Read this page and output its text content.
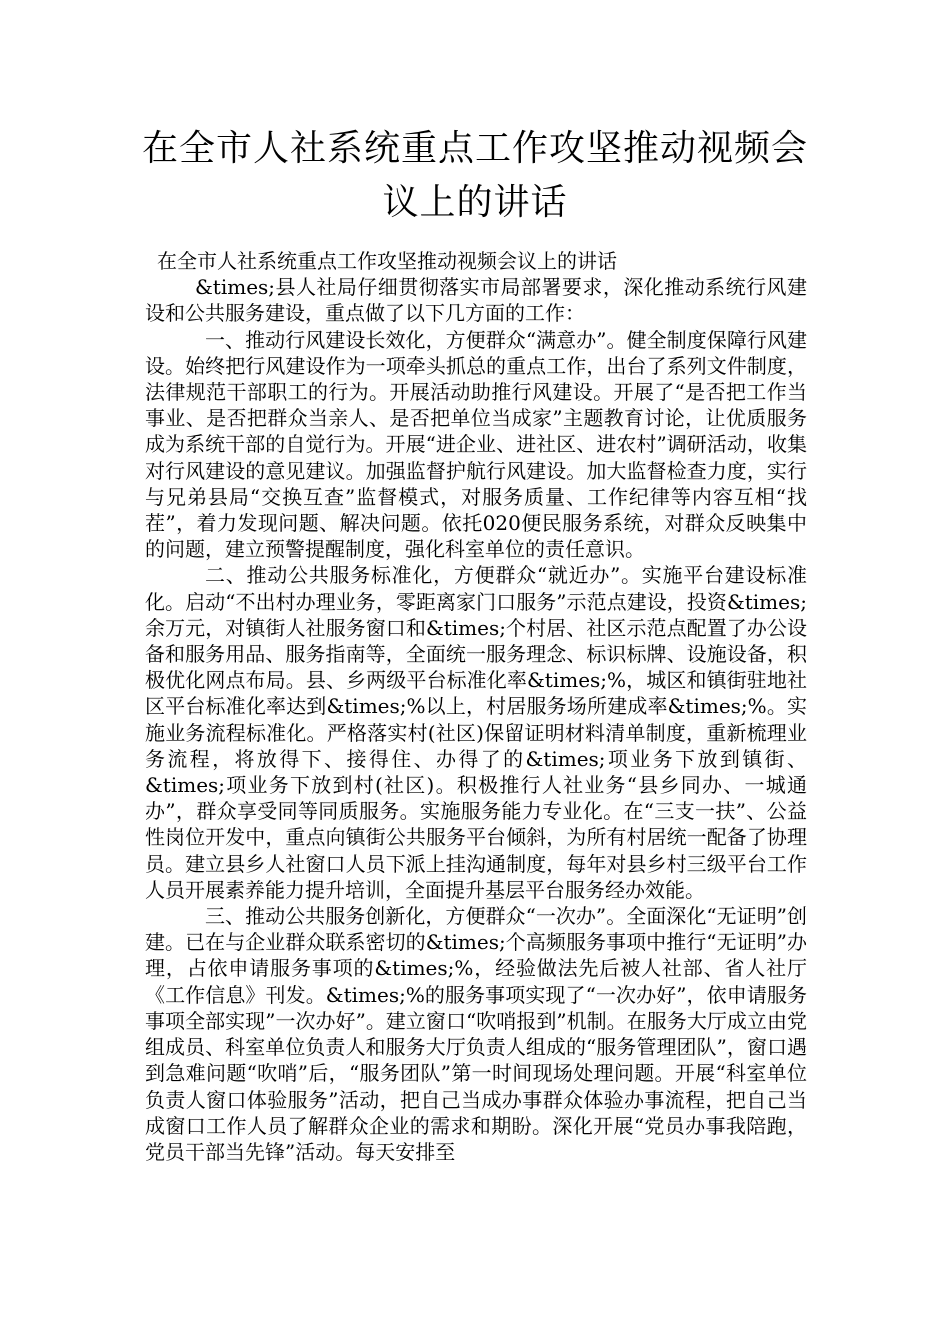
在全市人社系统重点工作攻坚推动视频会
议上的讲话

在全市人社系统重点工作攻坚推动视频会议上的讲话

&times;县人社局仔细贯彻落实市局部署要求，深化推动系统行风建设和公共服务建设，重点做了以下几方面的工作：

一、推动行风建设长效化，方便群众“满意办”。健全制度保障行风建设。始终把行风建设作为一项牵头抓总的重点工作，出台了系列文件制度，法律规范干部职工的行为。开展活动助推行风建设。开展了“是否把工作当事业、是否把群众当亲人、是否把单位当成家”主题教育讨论，让优质服务成为系统干部的自觉行为。开展“进企业、进社区、进农村”调研活动，收集对行风建设的意见建议。加强监督护航行风建设。加大监督检查力度，实行与兄弟县局“交换互查”监督模式，对服务质量、工作纪律等内容互相“找茬”，着力发现问题、解决问题。依托020便民服务系统，对群众反映集中的问题，建立预警提醒制度，强化科室单位的责任意识。

二、推动公共服务标准化，方便群众“就近办”。实施平台建设标准化。启动“不出村办理业务，零距离家门口服务”示范点建设，投资&times;余万元，对镇街人社服务窗口和&times;个村居、社区示范点配置了办公设备和服务用品、服务指南等，全面统一服务理念、标识标牌、设施设备，积极优化网点布局。县、乡两级平台标准化率&times;%，城区和镇街驻地社区平台标准化率达到&times;%以上，村居服务场所建成率&times;%。实施业务流程标准化。严格落实村(社区)保留证明材料清单制度，重新梳理业务流程，将放得下、接得住、办得了的&times;项业务下放到镇街、&times;项业务下放到村(社区)。积极推行人社业务“县乡同办、一城通办”，群众享受同等同质服务。实施服务能力专业化。在“三支一扶”、公益性岗位开发中，重点向镇街公共服务平台倾斜，为所有村居统一配备了协理员。建立县乡人社窗口人员下派上挂沟通制度，每年对县乡村三级平台工作人员开展素养能力提升培训，全面提升基层平台服务经办效能。

三、推动公共服务创新化，方便群众“一次办”。全面深化“无证明”创建。已在与企业群众联系密切的&times;个高频服务事项中推行“无证明”办理，占依申请服务事项的&times;%，经验做法先后被人社部、省人社厅《工作信息》刊发。&times;%的服务事项实现了“一次办好”，依申请服务事项全部实现”一次办好”。建立窗口“吹哨报到”机制。在服务大厅成立由党组成员、科室单位负责人和服务大厅负责人组成的“服务管理团队”，窗口遇到急难问题“吹哨”后，“服务团队”第一时间现场处理问题。开展“科室单位负责人窗口体验服务”活动，把自己当成办事群众体验办事流程，把自己当成窗口工作人员了解群众企业的需求和期盼。深化开展“党员办事我陪跑，党员干部当先锋”活动。每天安排至
